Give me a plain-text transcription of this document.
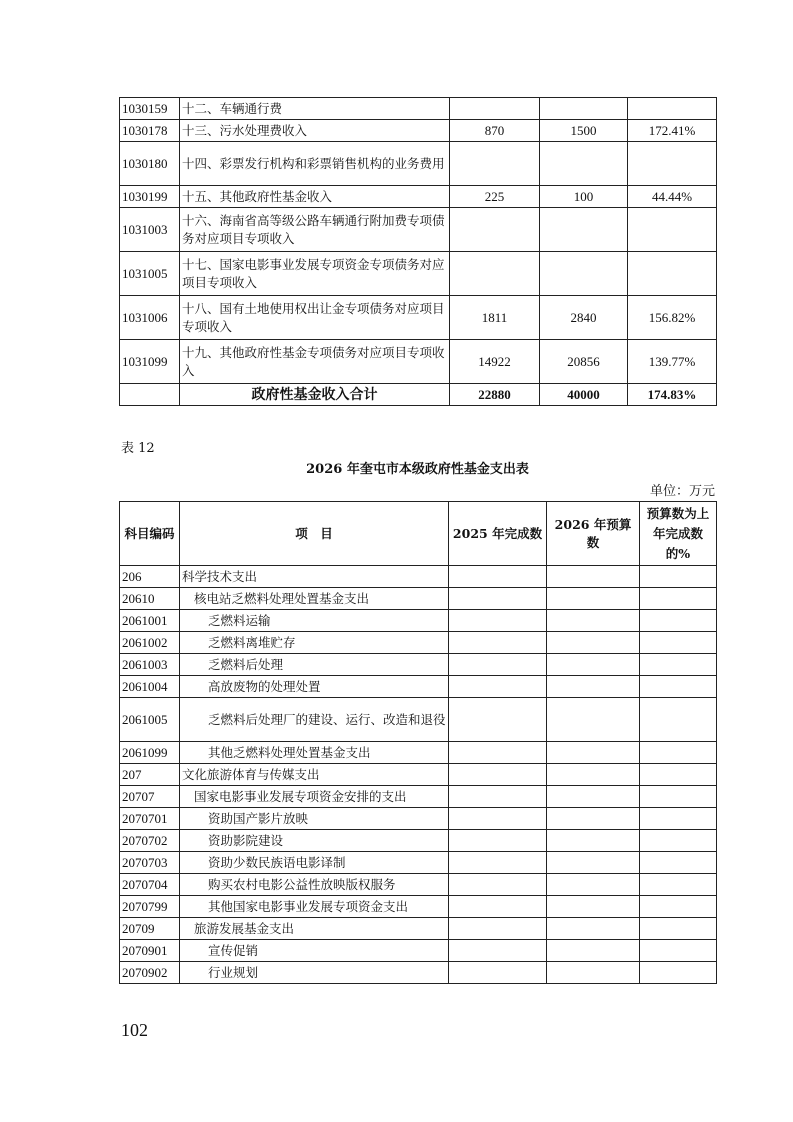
1030159	十二、车辆通行费			
1030178	十三、污水处理费收入	870	1500	172.41%
1030180	十四、彩票发行机构和彩票销售机构的业务费用			
1030199	十五、其他政府性基金收入	225	100	44.44%
1031003	十六、海南省高等级公路车辆通行附加费专项债务对应项目专项收入			
1031005	十七、国家电影事业发展专项资金专项债务对应项目专项收入			
1031006	十八、国有土地使用权出让金专项债务对应项目专项收入	1811	2840	156.82%
1031099	十九、其他政府性基金专项债务对应项目专项收入	14922	20856	139.77%
	政府性基金收入合计	22880	40000	174.83%
表 12
2026 年奎屯市本级政府性基金支出表
单位：万元
科目编码	项　目	2025 年完成数	2026 年预算数	预算数为上年完成数的%
206	科学技术支出			
20610	核电站乏燃料处理处置基金支出			
2061001	乏燃料运输			
2061002	乏燃料离堆贮存			
2061003	乏燃料后处理			
2061004	高放废物的处理处置			
2061005	乏燃料后处理厂的建设、运行、改造和退役			
2061099	其他乏燃料处理处置基金支出			
207	文化旅游体育与传媒支出			
20707	国家电影事业发展专项资金安排的支出			
2070701	资助国产影片放映			
2070702	资助影院建设			
2070703	资助少数民族语电影译制			
2070704	购买农村电影公益性放映版权服务			
2070799	其他国家电影事业发展专项资金支出			
20709	旅游发展基金支出			
2070901	宣传促销			
2070902	行业规划			
102
